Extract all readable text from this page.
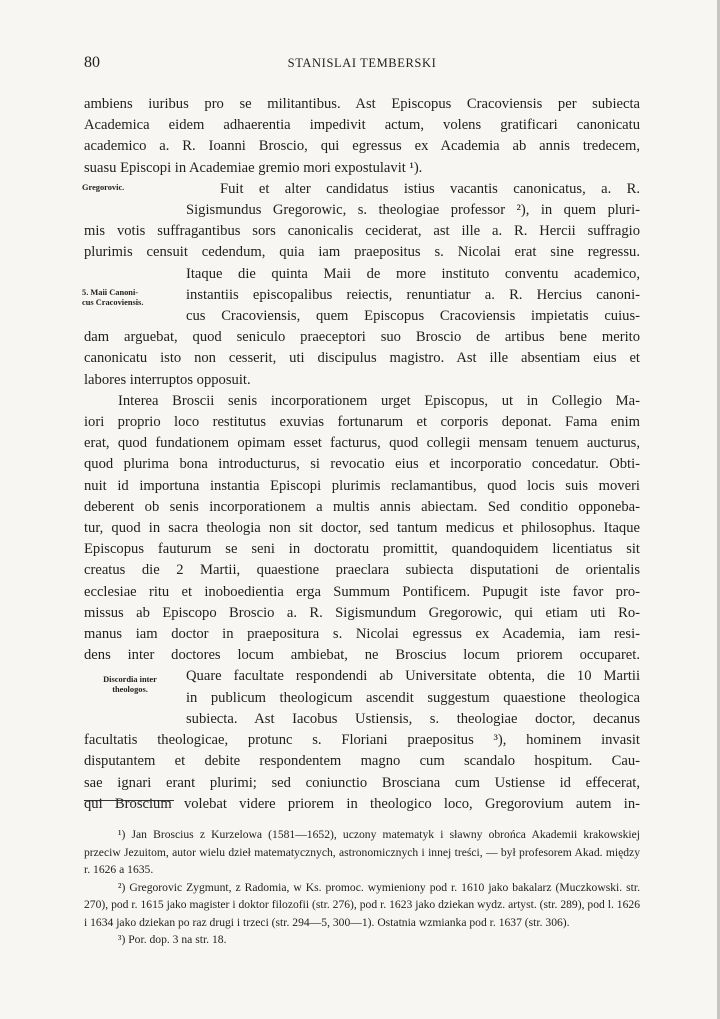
80	STANISLAI TEMBERSKI

ambiens iuribus pro se militantibus. Ast Episcopus Cracoviensis per subiecta
Academica eidem adhaerentia impedivit actum, volens gratificari canonicatu
academico a. R. Ioanni Broscio, qui egressus ex Academia ab annis tredecem,
suasu Episcopi in Academiae gremio mori expostulavit ¹).

Gregorovic.	Fuit et alter candidatus istius vacantis canonicatus, a. R.
Sigismundus Gregorowic, s. theologiae professor ²), in quem pluri-

mis votis suffragantibus sors canonicalis ceciderat, ast ille a. R. Hercii suffragio
plurimis censuit cedendum, quia iam praepositus s. Nicolai erat sine regressu.

5. Maii Canoni-
cus Cracoviensis.

Itaque die quinta Maii de more instituto conventu academico,
instantiis episcopalibus reiectis, renuntiatur a. R. Hercius canoni-
cus Cracoviensis, quem Episcopus Cracoviensis impietatis cuius-

dam arguebat, quod seniculo praeceptori suo Broscio de artibus bene merito
canonicatu isto non cesserit, uti discipulus magistro. Ast ille absentiam eius et
labores interruptos opposuit.

Interea Broscii senis incorporationem urget Episcopus, ut in Collegio Ma-
iori proprio loco restitutus exuvias fortunarum et corporis deponat. Fama enim
erat, quod fundationem opimam esset facturus, quod collegii mensam tenuem aucturus,
quod plurima bona introducturus, si revocatio eius et incorporatio concedatur. Obti-
nuit id importuna instantia Episcopi plurimis reclamantibus, quod locis suis moveri
deberent ob senis incorporationem a multis annis abiectam. Sed conditio opponeba-
tur, quod in sacra theologia non sit doctor, sed tantum medicus et philosophus. Itaque
Episcopus fauturum se seni in doctoratu promittit, quandoquidem licentiatus sit
creatus die 2 Martii, quaestione praeclara subiecta disputationi de orientalis
ecclesiae ritu et inoboedientia erga Summum Pontificem. Pupugit iste favor pro-
missus ab Episcopo Broscio a. R. Sigismundum Gregorowic, qui etiam uti Ro-
manus iam doctor in praepositura s. Nicolai egressus ex Academia, iam resi-
dens inter doctores locum ambiebat, ne Broscius locum priorem occuparet.

Discordia inter
theologos.

Quare facultate respondendi ab Universitate obtenta, die 10 Martii
in publicum theologicum ascendit suggestum quaestione theologica
subiecta. Ast Iacobus Ustiensis, s. theologiae doctor, decanus

facultatis theologicae, protunc s. Floriani praepositus ³), hominem invasit
disputantem et debite respondentem magno cum scandalo hospitum. Cau-
sae ignari erant plurimi; sed coniunctio Brosciana cum Ustiense id effecerat,
qui Broscium volebat videre priorem in theologico loco, Gregorovium autem in-

¹) Jan Broscius z Kurzelowa (1581—1652), uczony matematyk i sławny obrońca Akademii krakowskiej przeciw Jezuitom, autor wielu dzieł matematycznych, astronomicznych i innej treści, — był profesorem Akad. między r. 1626 a 1635.

²) Gregorovic Zygmunt, z Radomia, w Ks. promoc. wymieniony pod r. 1610 jako bakalarz (Muczkowski. str. 270), pod r. 1615 jako magister i doktor filozofii (str. 276), pod r. 1623 jako dziekan wydz. artyst. (str. 289), pod l. 1626 i 1634 jako dziekan po raz drugi i trzeci (str. 294—5, 300—1). Ostatnia wzmianka pod r. 1637 (str. 306).

³) Por. dop. 3 na str. 18.
